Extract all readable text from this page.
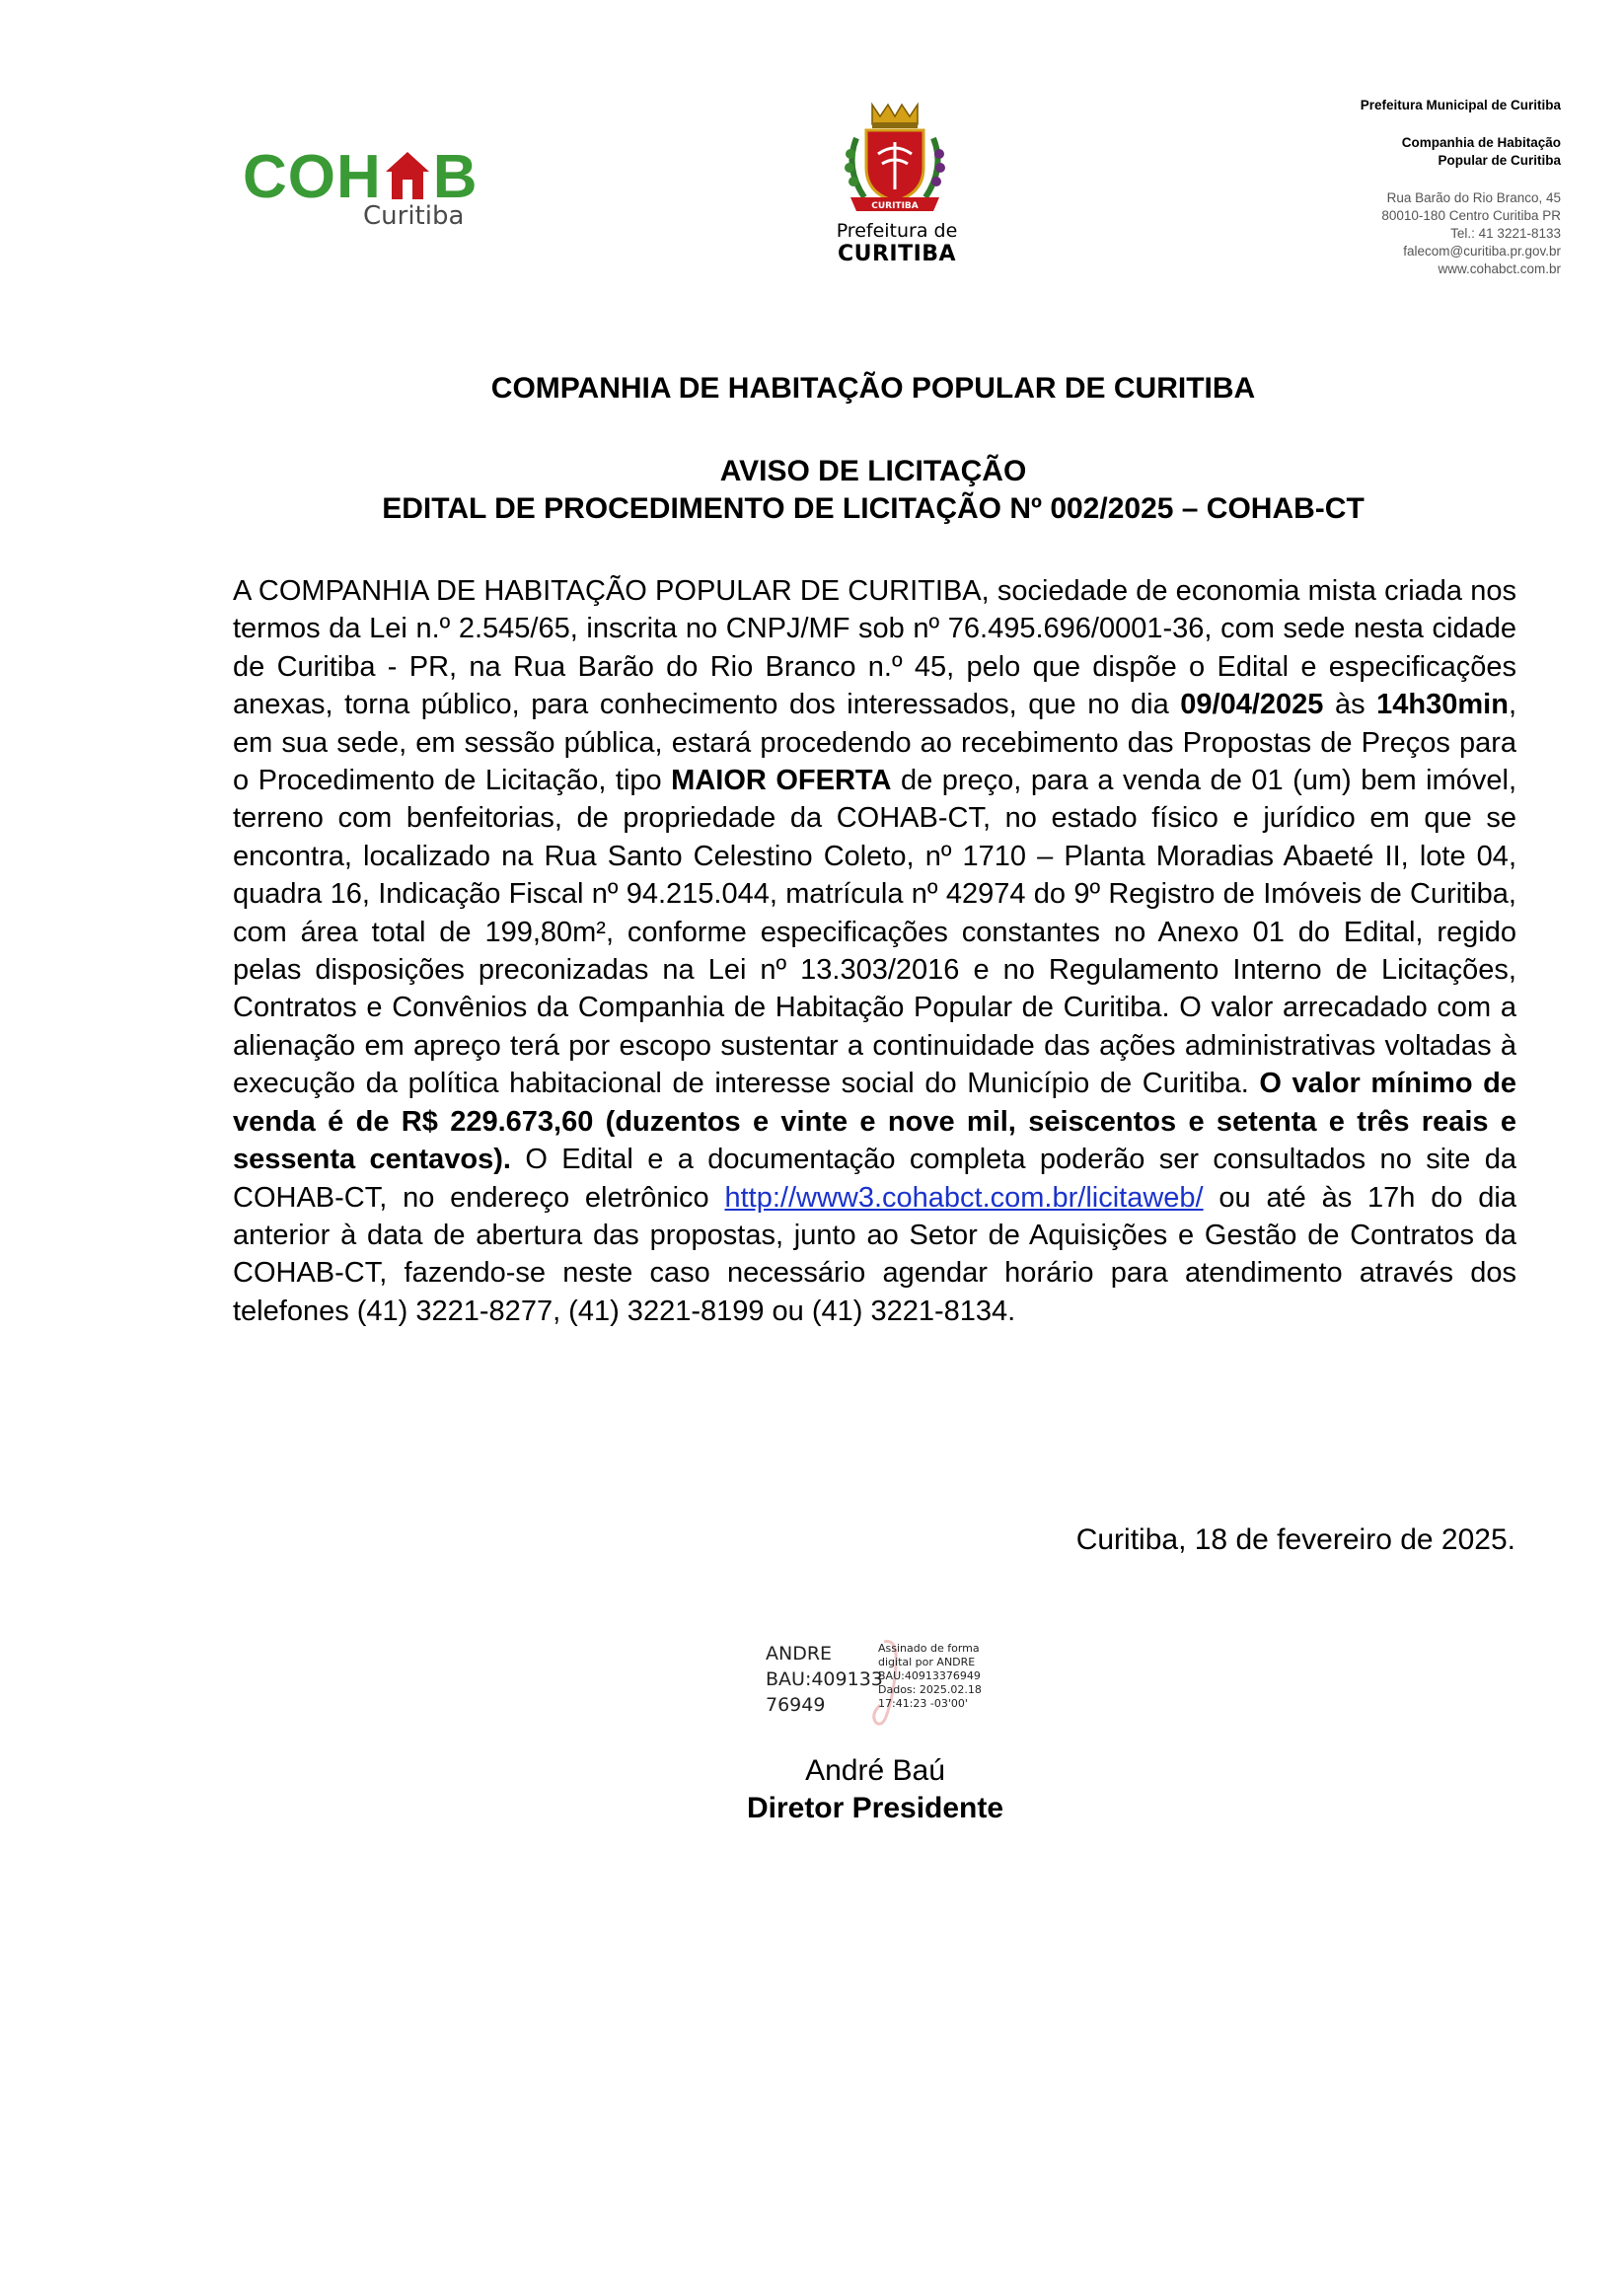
COH B
Curitiba	CURITIBA
Prefeitura de
CURITIBA
Prefeitura Municipal de Curitiba
Companhia de Habitação
Popular de Curitiba
Rua Barão do Rio Branco, 45
80010-180 Centro Curitiba PR
Tel.: 41 3221-8133
falecom@curitiba.pr.gov.br
www.cohabct.com.br
COMPANHIA DE HABITAÇÃO POPULAR DE CURITIBA
AVISO DE LICITAÇÃO
EDITAL DE PROCEDIMENTO DE LICITAÇÃO Nº 002/2025 – COHAB-CT
A COMPANHIA DE HABITAÇÃO POPULAR DE CURITIBA, sociedade de economia mista criada nos termos da Lei n.º 2.545/65, inscrita no CNPJ/MF sob nº 76.495.696/0001-36, com sede nesta cidade de Curitiba - PR, na Rua Barão do Rio Branco n.º 45, pelo que dispõe o Edital e especificações anexas, torna público, para conhecimento dos interessados, que no dia 09/04/2025 às 14h30min, em sua sede, em sessão pública, estará procedendo ao recebimento das Propostas de Preços para o Procedimento de Licitação, tipo MAIOR OFERTA de preço, para a venda de 01 (um) bem imóvel, terreno com benfeitorias, de propriedade da COHAB-CT, no estado físico e jurídico em que se encontra, localizado na Rua Santo Celestino Coleto, nº 1710 – Planta Moradias Abaeté II, lote 04, quadra 16, Indicação Fiscal nº 94.215.044, matrícula nº 42974 do 9º Registro de Imóveis de Curitiba, com área total de 199,80m², conforme especificações constantes no Anexo 01 do Edital, regido pelas disposições preconizadas na Lei nº 13.303/2016 e no Regulamento Interno de Licitações, Contratos e Convênios da Companhia de Habitação Popular de Curitiba. O valor arrecadado com a alienação em apreço terá por escopo sustentar a continuidade das ações administrativas voltadas à execução da política habitacional de interesse social do Município de Curitiba. O valor mínimo de venda é de R$ 229.673,60 (duzentos e vinte e nove mil, seiscentos e setenta e três reais e sessenta centavos). O Edital e a documentação completa poderão ser consultados no site da COHAB-CT, no endereço eletrônico http://www3.cohabct.com.br/licitaweb/ ou até às 17h do dia anterior à data de abertura das propostas, junto ao Setor de Aquisições e Gestão de Contratos da COHAB-CT, fazendo-se neste caso necessário agendar horário para atendimento através dos telefones (41) 3221-8277, (41) 3221-8199 ou (41) 3221-8134.
Curitiba, 18 de fevereiro de 2025.
ANDRE
BAU:409133
76949
Assinado de forma
digital por ANDRE
BAU:40913376949
Dados: 2025.02.18
17:41:23 -03'00'
André Baú
Diretor Presidente
